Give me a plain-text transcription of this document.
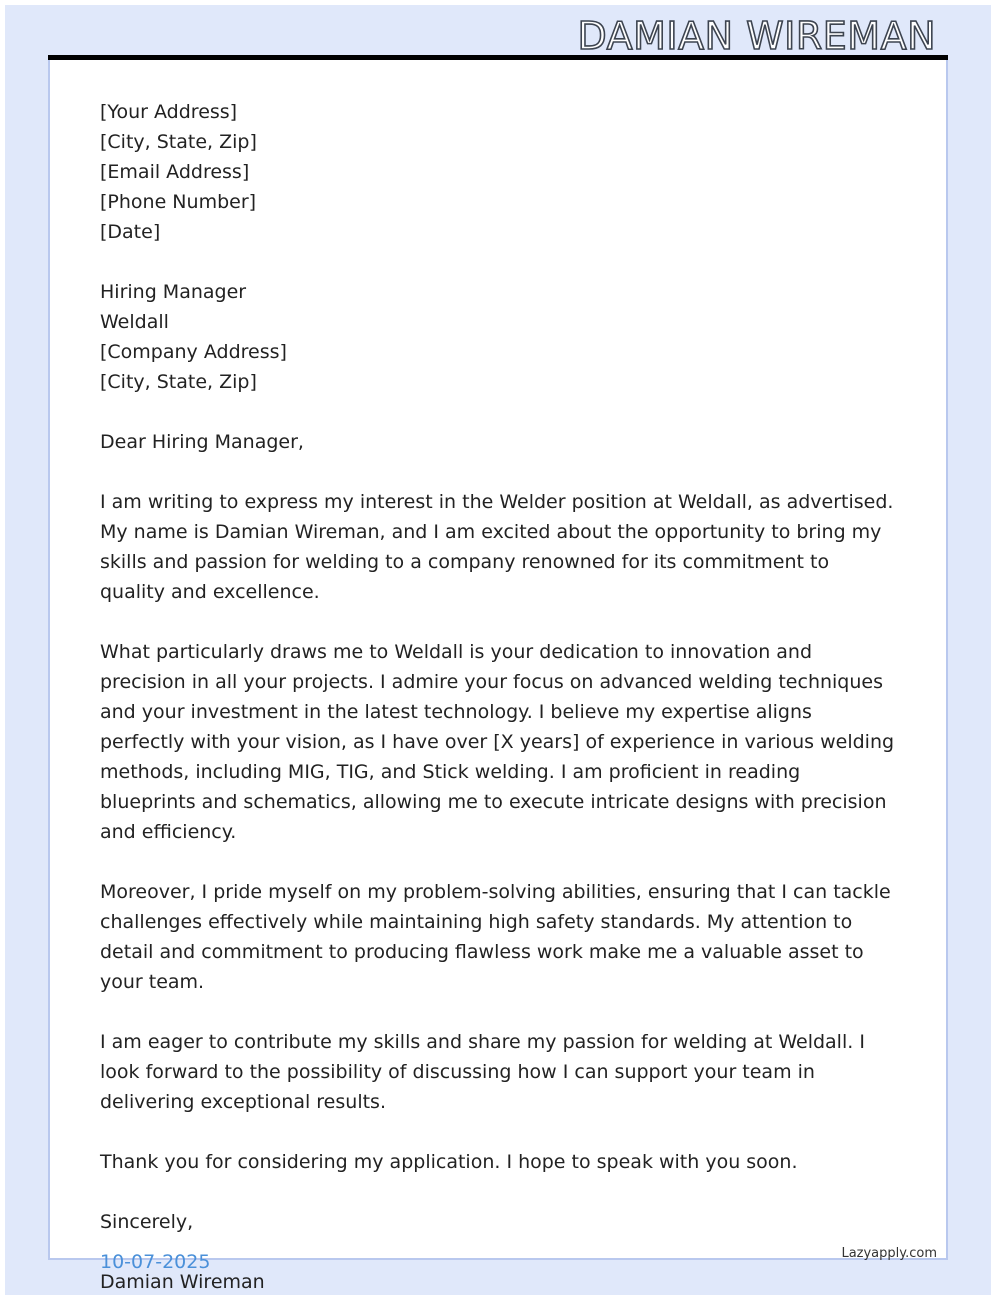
DAMIAN WIREMAN

[Your Address]

[City, State, Zip]

[Email Address]

[Phone Number]

[Date]

Hiring Manager

Weldall

[Company Address]

[City, State, Zip]

Dear Hiring Manager,

I am writing to express my interest in the Welder position at Weldall, as advertised. My name is Damian Wireman, and I am excited about the opportunity to bring my skills and passion for welding to a company renowned for its commitment to quality and excellence.

What particularly draws me to Weldall is your dedication to innovation and precision in all your projects. I admire your focus on advanced welding techniques and your investment in the latest technology. I believe my expertise aligns perfectly with your vision, as I have over [X years] of experience in various welding methods, including MIG, TIG, and Stick welding. I am proficient in reading blueprints and schematics, allowing me to execute intricate designs with precision and efficiency.

Moreover, I pride myself on my problem-solving abilities, ensuring that I can tackle challenges effectively while maintaining high safety standards. My attention to detail and commitment to producing flawless work make me a valuable asset to your team.

I am eager to contribute my skills and share my passion for welding at Weldall. I look forward to the possibility of discussing how I can support your team in delivering exceptional results.

Thank you for considering my application. I hope to speak with you soon.

Sincerely,

Damian Wireman

10-07-2025	Lazyapply.com
